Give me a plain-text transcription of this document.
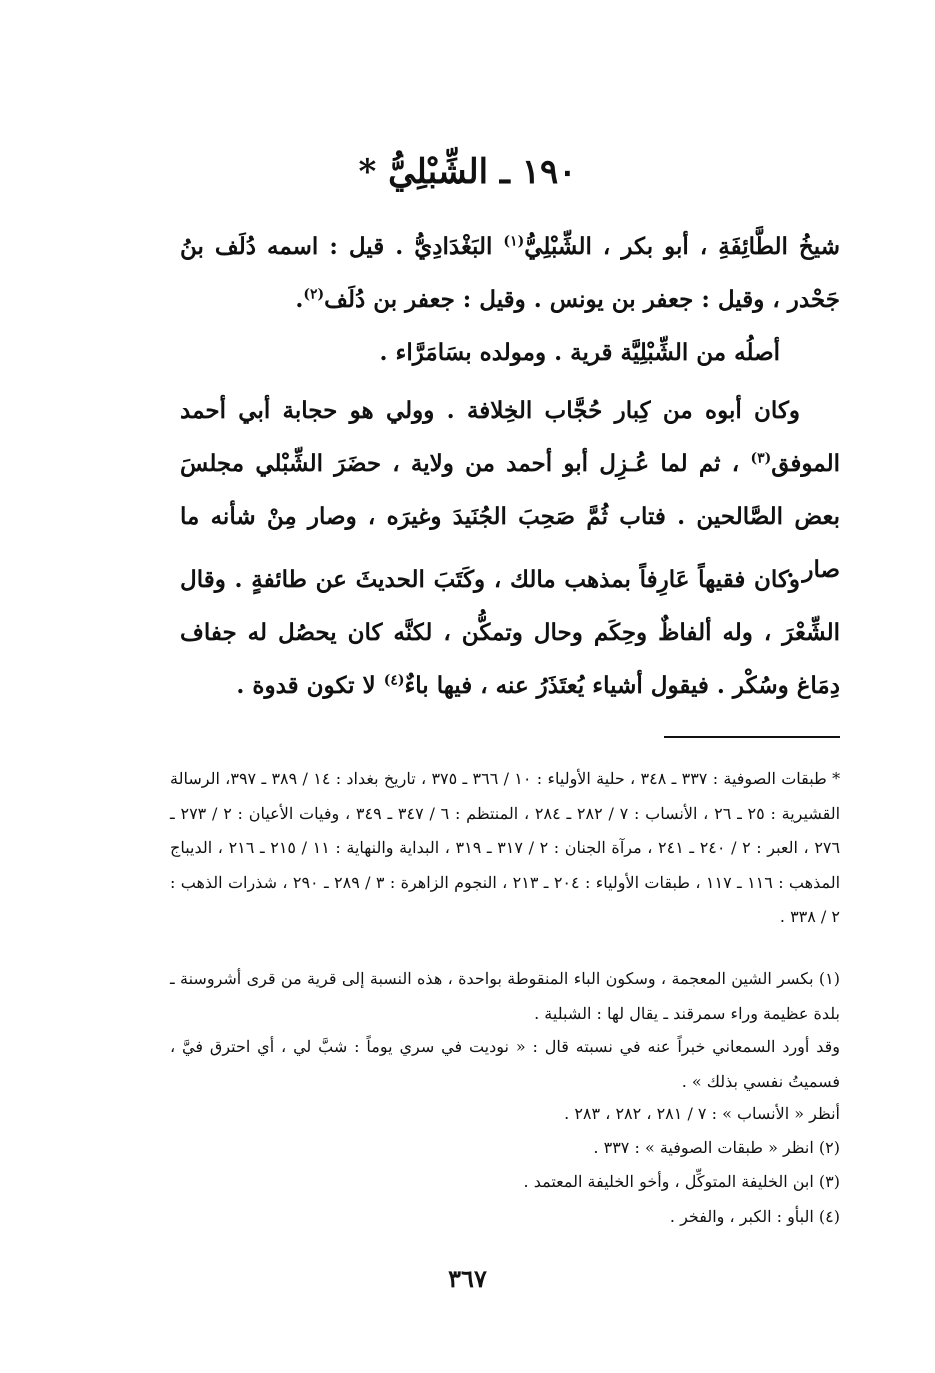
١٩٠ ـ الشِّبْلِيُّ *
شيخُ الطَّائِفَةِ ، أبو بكر ، الشِّبْلِيُّ$^{(١)}$ البَغْدَادِيُّ . قيل : اسمه دُلَف بنُ جَحْدر ، وقيل : جعفر بن يونس . وقيل : جعفر بن دُلَف$^{(٢)}$.
أصلُه من الشِّبْلِيَّة قرية . ومولده بسَامَرَّاء .
وكان أبوه من كِبار حُجَّاب الخِلافة . وولي هو حجابة أبي أحمد الموفق$^{(٣)}$ ، ثم لما عُـزِل أبو أحمد من ولاية ، حضَرَ الشِّبْلي مجلسَ بعض الصَّالحين . فتاب ثُمَّ صَحِبَ الجُنَيدَ وغيرَه ، وصار مِنْ شأنه ما صار .
وكان فقيهاً عَارِفاً بمذهب مالك ، وكَتَبَ الحديثَ عن طائفةٍ . وقال الشِّعْرَ ، وله ألفاظٌ وحِكَم وحال وتمكُّن ، لكنَّه كان يحصُل له جفاف دِمَاغ وسُكْر . فيقول أشياء يُعتَذَرُ عنه ، فيها باءٌ$^{(٤)}$ لا تكون قدوة .
* طبقات الصوفية : ٣٣٧ ـ ٣٤٨ ، حلية الأولياء : ١٠ / ٣٦٦ ـ ٣٧٥ ، تاريخ بغداد : ١٤ / ٣٨٩ ـ ٣٩٧، الرسالة القشيرية : ٢٥ ـ ٢٦ ، الأنساب : ٧ / ٢٨٢ ـ ٢٨٤ ، المنتظم : ٦ / ٣٤٧ ـ ٣٤٩ ، وفيات الأعيان : ٢ / ٢٧٣ ـ ٢٧٦ ، العبر : ٢ / ٢٤٠ ـ ٢٤١ ، مرآة الجنان : ٢ / ٣١٧ ـ ٣١٩ ، البداية والنهاية : ١١ / ٢١٥ ـ ٢١٦ ، الديباج المذهب : ١١٦ ـ ١١٧ ، طبقات الأولياء : ٢٠٤ ـ ٢١٣ ، النجوم الزاهرة : ٣ / ٢٨٩ ـ ٢٩٠ ، شذرات الذهب : ٢ / ٣٣٨ .
(١) بكسر الشين المعجمة ، وسكون الباء المنقوطة بواحدة ، هذه النسبة إلى قرية من قرى أشروسنة ـ بلدة عظيمة وراء سمرقند ـ يقال لها : الشبلية .
وقد أورد السمعاني خبراً عنه في نسبته قال : « نوديت في سري يوماً : شبَّ لي ، أي احترق فيَّ ، فسميتُ نفسي بذلك » .
أنظر « الأنساب » : ٧ / ٢٨١ ، ٢٨٢ ، ٢٨٣ .
(٢) انظر « طبقات الصوفية » : ٣٣٧ .
(٣) ابن الخليفة المتوكِّل ، وأخو الخليفة المعتمد .
(٤) البأو : الكبر ، والفخر .
٣٦٧
